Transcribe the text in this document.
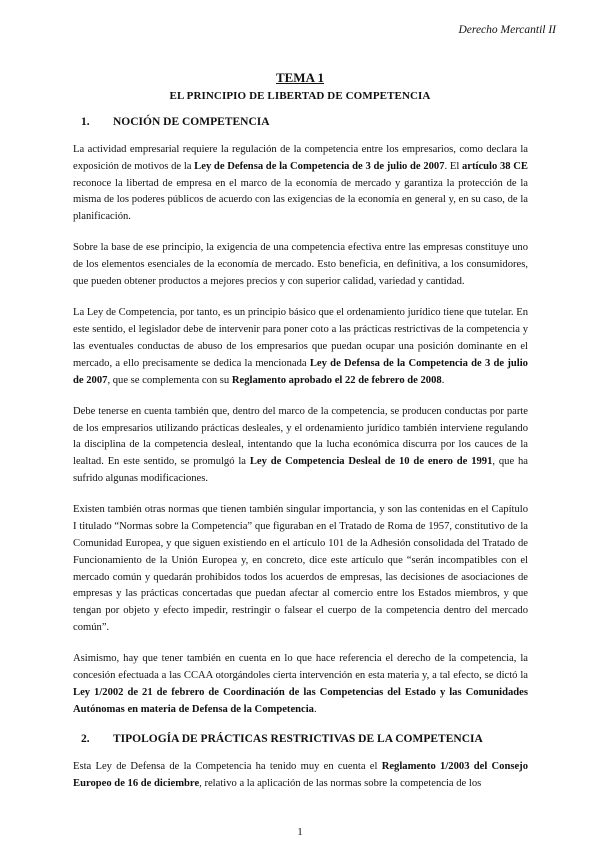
Derecho Mercantil II
TEMA 1
EL PRINCIPIO DE LIBERTAD DE COMPETENCIA
1. NOCIÓN DE COMPETENCIA

La actividad empresarial requiere la regulación de la competencia entre los empresarios, como declara la exposición de motivos de la Ley de Defensa de la Competencia de 3 de julio de 2007. El artículo 38 CE reconoce la libertad de empresa en el marco de la economía de mercado y garantiza la protección de la misma de los poderes públicos de acuerdo con las exigencias de la economía en general y, en su caso, de la planificación.

Sobre la base de ese principio, la exigencia de una competencia efectiva entre las empresas constituye uno de los elementos esenciales de la economía de mercado. Esto beneficia, en definitiva, a los consumidores, que pueden obtener productos a mejores precios y con superior calidad, variedad y cantidad.

La Ley de Competencia, por tanto, es un principio básico que el ordenamiento jurídico tiene que tutelar. En este sentido, el legislador debe de intervenir para poner coto a las prácticas restrictivas de la competencia y las eventuales conductas de abuso de los empresarios que puedan ocupar una posición dominante en el mercado, a ello precisamente se dedica la mencionada Ley de Defensa de la Competencia de 3 de julio de 2007, que se complementa con su Reglamento aprobado el 22 de febrero de 2008.

Debe tenerse en cuenta también que, dentro del marco de la competencia, se producen conductas por parte de los empresarios utilizando prácticas desleales, y el ordenamiento jurídico también interviene regulando la disciplina de la competencia desleal, intentando que la lucha económica discurra por los cauces de la lealtad. En este sentido, se promulgó la Ley de Competencia Desleal de 10 de enero de 1991, que ha sufrido algunas modificaciones.

Existen también otras normas que tienen también singular importancia, y son las contenidas en el Capítulo I titulado “Normas sobre la Competencia” que figuraban en el Tratado de Roma de 1957, constitutivo de la Comunidad Europea, y que siguen existiendo en el artículo 101 de la Adhesión consolidada del Tratado de Funcionamiento de la Unión Europea y, en concreto, dice este artículo que “serán incompatibles con el mercado común y quedarán prohibidos todos los acuerdos de empresas, las decisiones de asociaciones de empresas y las prácticas concertadas que puedan afectar al comercio entre los Estados miembros, y que tengan por objeto y efecto impedir, restringir o falsear el cuerpo de la competencia dentro del mercado común”.

Asimismo, hay que tener también en cuenta en lo que hace referencia el derecho de la competencia, la concesión efectuada a las CCAA otorgándoles cierta intervención en esta materia y, a tal efecto, se dictó la Ley 1/2002 de 21 de febrero de Coordinación de las Competencias del Estado y las Comunidades Autónomas en materia de Defensa de la Competencia.

2. TIPOLOGÍA DE PRÁCTICAS RESTRICTIVAS DE LA COMPETENCIA

Esta Ley de Defensa de la Competencia ha tenido muy en cuenta el Reglamento 1/2003 del Consejo Europeo de 16 de diciembre, relativo a la aplicación de las normas sobre la competencia de los

1
